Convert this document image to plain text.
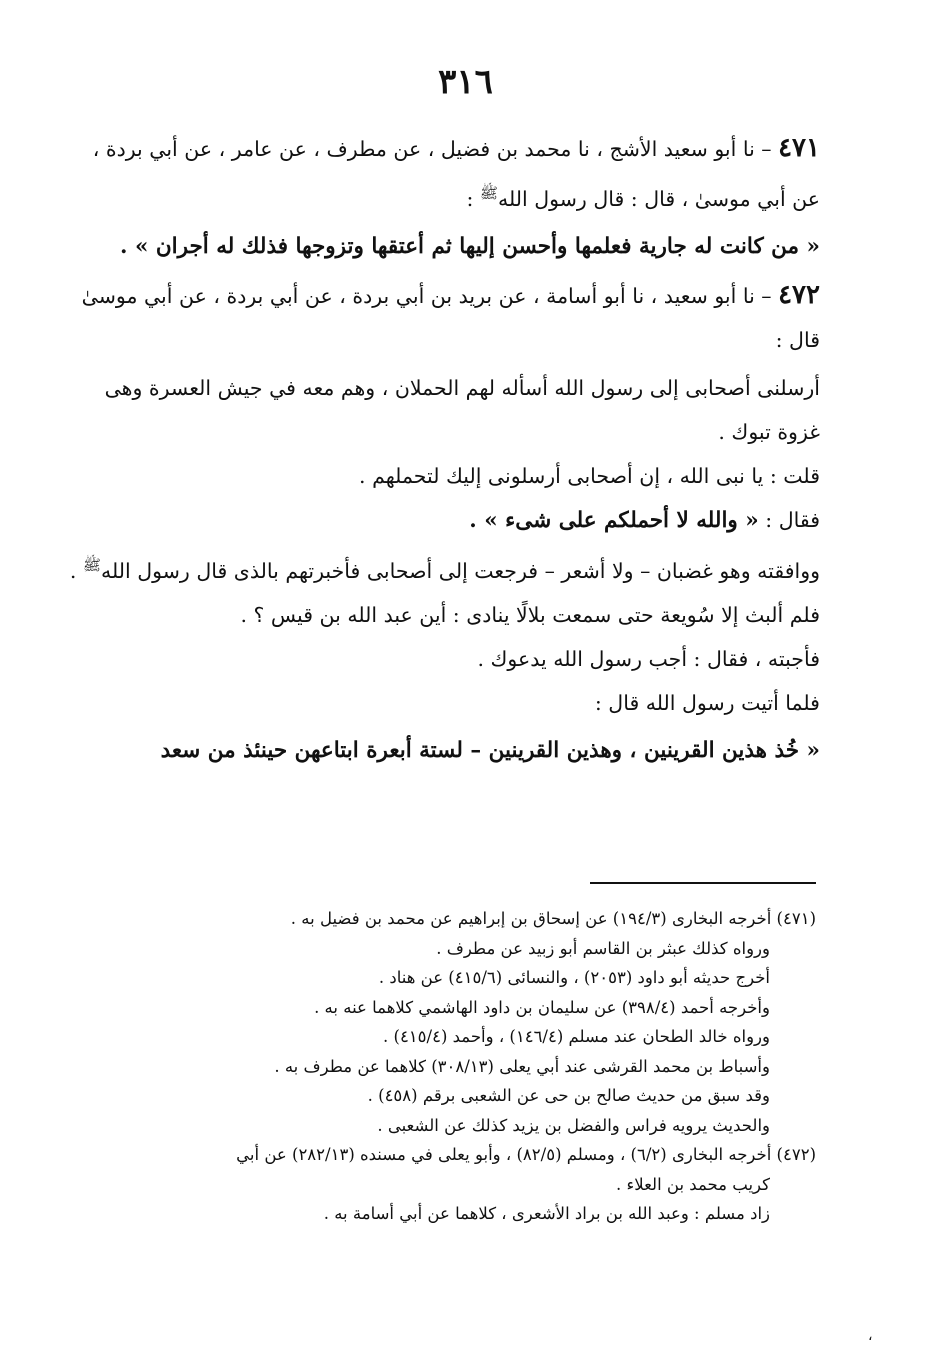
٣١٦

٤٧١ – نا أبو سعيد الأشج ، نا محمد بن فضيل ، عن مطرف ، عن عامر ، عن أبي بردة ، عن أبي موسىٰ ، قال : قال رسول الله$^ﷺ$ :

« من كانت له جارية فعلمها وأحسن إليها ثم أعتقها وتزوجها فذلك له أجران » .

٤٧٢ – نا أبو سعيد ، نا أبو أسامة ، عن بريد بن أبي بردة ، عن أبي بردة ، عن أبي موسىٰ قال :

أرسلنى أصحابى إلى رسول الله أسأله لهم الحملان ، وهم معه في جيش العسرة وهى غزوة تبوك .

قلت : يا نبى الله ، إن أصحابى أرسلونى إليك لتحملهم .

فقال : « والله لا أحملكم على شىء » .

ووافقته وهو غضبان – ولا أشعر – فرجعت إلى أصحابى فأخبرتهم بالذى قال رسول الله$^ﷺ$ .

فلم ألبث إلا سُويعة حتى سمعت بلالًا ينادى : أين عبد الله بن قيس ؟ .

فأجبته ، فقال : أجب رسول الله يدعوك .

فلما أتيت رسول الله قال :

« خُذ هذين القرينين ، وهذين القرينين – لستة أبعرة ابتاعهن حينئذ من سعد

(٤٧١) أخرجه البخارى (١٩٤/٣) عن إسحاق بن إبراهيم عن محمد بن فضيل به .

ورواه كذلك عبثر بن القاسم أبو زبيد عن مطرف .

أخرج حديثه أبو داود (٢٠٥٣) ، والنسائى (٤١٥/٦) عن هناد .

وأخرجه أحمد (٣٩٨/٤) عن سليمان بن داود الهاشمي كلاهما عنه به .

ورواه خالد الطحان عند مسلم (١٤٦/٤) ، وأحمد (٤١٥/٤) .

وأسباط بن محمد القرشى عند أبي يعلى (٣٠٨/١٣) كلاهما عن مطرف به .

وقد سبق من حديث صالح بن حى عن الشعبى برقم (٤٥٨) .

والحديث يرويه فراس والفضل بن يزيد كذلك عن الشعبى .

(٤٧٢) أخرجه البخارى (٦/٢) ، ومسلم (٨٢/٥) ، وأبو يعلى في مسنده (٢٨٢/١٣) عن أبي

كريب محمد بن العلاء .

زاد مسلم : وعبد الله بن براد الأشعرى ، كلاهما عن أبي أسامة به .

،
